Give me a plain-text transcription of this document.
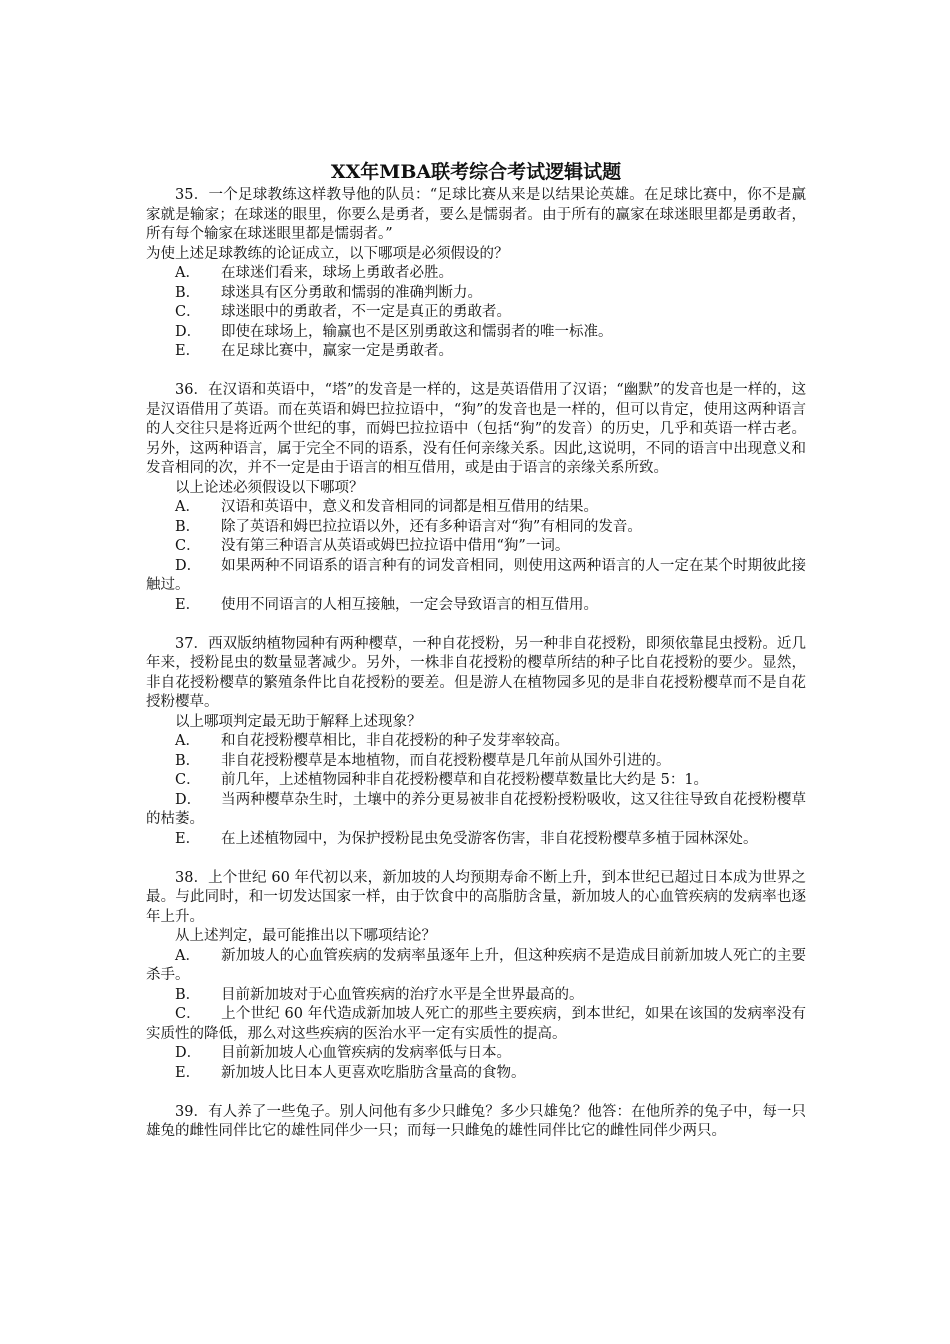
XX年MBA联考综合考试逻辑试题

35．一个足球教练这样教导他的队员：“足球比赛从来是以结果论英雄。在足球比赛中，你不是赢家就是输家；在球迷的眼里，你要么是勇者，要么是懦弱者。由于所有的赢家在球迷眼里都是勇敢者，所有每个输家在球迷眼里都是懦弱者。”

为使上述足球教练的论证成立，以下哪项是必须假设的？

A． 在球迷们看来，球场上勇敢者必胜。

B． 球迷具有区分勇敢和懦弱的准确判断力。

C． 球迷眼中的勇敢者，不一定是真正的勇敢者。

D． 即使在球场上，输赢也不是区别勇敢这和懦弱者的唯一标准。

E． 在足球比赛中，赢家一定是勇敢者。

36．在汉语和英语中，“塔”的发音是一样的，这是英语借用了汉语；“幽默”的发音也是一样的，这是汉语借用了英语。而在英语和姆巴拉拉语中，“狗”的发音也是一样的，但可以肯定，使用这两种语言的人交往只是将近两个世纪的事，而姆巴拉拉语中（包括“狗”的发音）的历史，几乎和英语一样古老。另外，这两种语言，属于完全不同的语系，没有任何亲缘关系。因此,这说明，不同的语言中出现意义和发音相同的次，并不一定是由于语言的相互借用，或是由于语言的亲缘关系所致。

以上论述必须假设以下哪项？

A． 汉语和英语中，意义和发音相同的词都是相互借用的结果。

B． 除了英语和姆巴拉拉语以外，还有多种语言对“狗”有相同的发音。

C． 没有第三种语言从英语或姆巴拉拉语中借用“狗”一词。

D． 如果两种不同语系的语言种有的词发音相同，则使用这两种语言的人一定在某个时期彼此接触过。

E． 使用不同语言的人相互接触，一定会导致语言的相互借用。

37．西双版纳植物园种有两种樱草，一种自花授粉，另一种非自花授粉，即须依靠昆虫授粉。近几年来，授粉昆虫的数量显著减少。另外，一株非自花授粉的樱草所结的种子比自花授粉的要少。显然，非自花授粉樱草的繁殖条件比自花授粉的要差。但是游人在植物园多见的是非自花授粉樱草而不是自花授粉樱草。

以上哪项判定最无助于解释上述现象？

A． 和自花授粉樱草相比，非自花授粉的种子发芽率较高。

B． 非自花授粉樱草是本地植物，而自花授粉樱草是几年前从国外引进的。

C． 前几年，上述植物园种非自花授粉樱草和自花授粉樱草数量比大约是 5：1。

D． 当两种樱草杂生时，土壤中的养分更易被非自花授粉授粉吸收，这又往往导致自花授粉樱草的枯萎。

E． 在上述植物园中，为保护授粉昆虫免受游客伤害，非自花授粉樱草多植于园林深处。

38．上个世纪 60 年代初以来，新加坡的人均预期寿命不断上升，到本世纪已超过日本成为世界之最。与此同时，和一切发达国家一样，由于饮食中的高脂肪含量，新加坡人的心血管疾病的发病率也逐年上升。

从上述判定，最可能推出以下哪项结论？

A． 新加坡人的心血管疾病的发病率虽逐年上升，但这种疾病不是造成目前新加坡人死亡的主要杀手。

B． 目前新加坡对于心血管疾病的治疗水平是全世界最高的。

C． 上个世纪 60 年代造成新加坡人死亡的那些主要疾病，到本世纪，如果在该国的发病率没有实质性的降低，那么对这些疾病的医治水平一定有实质性的提高。

D． 目前新加坡人心血管疾病的发病率低与日本。

E． 新加坡人比日本人更喜欢吃脂肪含量高的食物。

39．有人养了一些兔子。别人问他有多少只雌兔？多少只雄兔？他答：在他所养的兔子中，每一只雄兔的雌性同伴比它的雄性同伴少一只；而每一只雌兔的雄性同伴比它的雌性同伴少两只。
